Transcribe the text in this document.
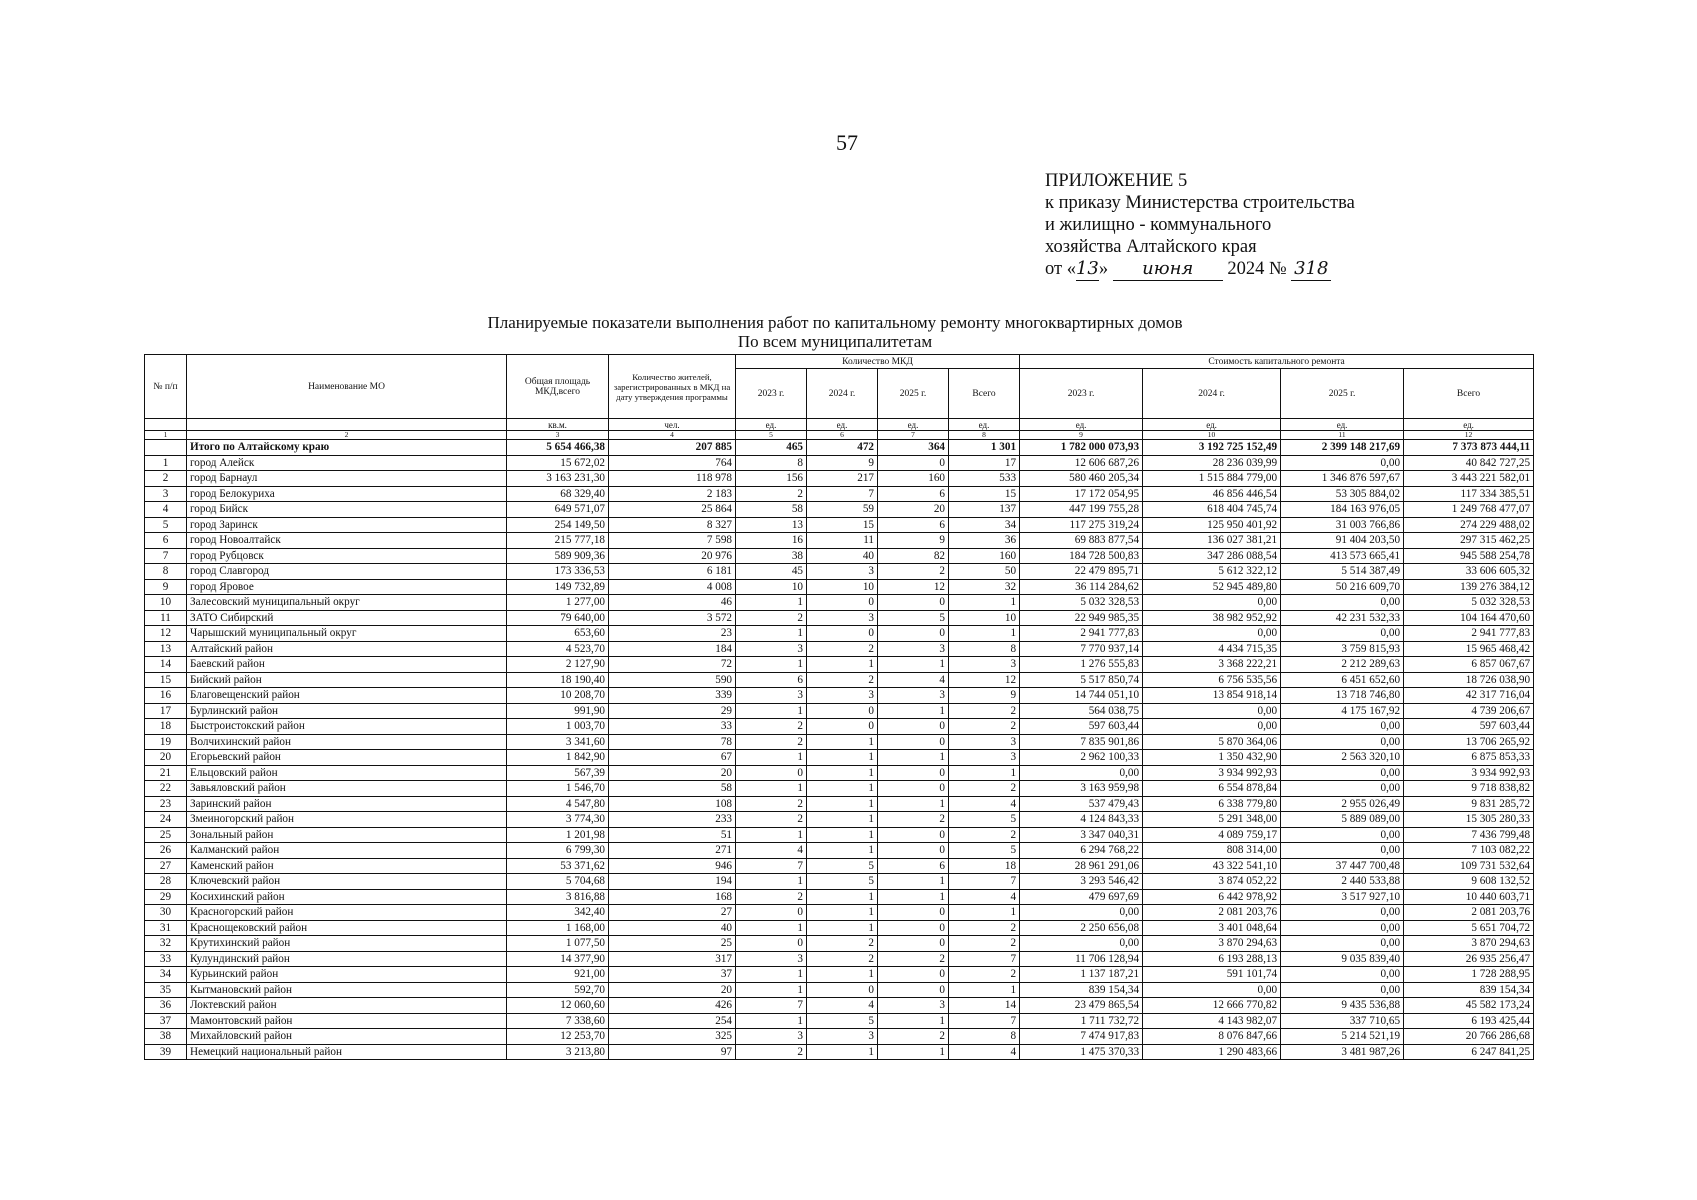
57
ПРИЛОЖЕНИЕ 5
к приказу Министерства строительства
и жилищно - коммунального
хозяйства Алтайского края
от «13» июня 2024 № 318
Планируемые показатели выполнения работ по капитальному ремонту многоквартирных домов
По всем муниципалитетам
№ п/п	Наименование МО	Общая площадь МКД,всего	Количество жителей, зарегистрированных в МКД на дату утверждения программы	Количество МКД				Стоимость капитального ремонта			
				2023 г.	2024 г.	2025 г.	Всего	2023 г.	2024 г.	2025 г.	Всего
		кв.м.	чел.	ед.	ед.	ед.	ед.	ед.	ед.	ед.	ед.
1	2	3	4	5	6	7	8	9	10	11	12
	Итого по Алтайскому краю	5 654 466,38	207 885	465	472	364	1 301	1 782 000 073,93	3 192 725 152,49	2 399 148 217,69	7 373 873 444,11
1	город Алейск	15 672,02	764	8	9	0	17	12 606 687,26	28 236 039,99	0,00	40 842 727,25
2	город Барнаул	3 163 231,30	118 978	156	217	160	533	580 460 205,34	1 515 884 779,00	1 346 876 597,67	3 443 221 582,01
3	город Белокуриха	68 329,40	2 183	2	7	6	15	17 172 054,95	46 856 446,54	53 305 884,02	117 334 385,51
4	город Бийск	649 571,07	25 864	58	59	20	137	447 199 755,28	618 404 745,74	184 163 976,05	1 249 768 477,07
5	город Заринск	254 149,50	8 327	13	15	6	34	117 275 319,24	125 950 401,92	31 003 766,86	274 229 488,02
6	город Новоалтайск	215 777,18	7 598	16	11	9	36	69 883 877,54	136 027 381,21	91 404 203,50	297 315 462,25
7	город Рубцовск	589 909,36	20 976	38	40	82	160	184 728 500,83	347 286 088,54	413 573 665,41	945 588 254,78
8	город Славгород	173 336,53	6 181	45	3	2	50	22 479 895,71	5 612 322,12	5 514 387,49	33 606 605,32
9	город Яровое	149 732,89	4 008	10	10	12	32	36 114 284,62	52 945 489,80	50 216 609,70	139 276 384,12
10	Залесовский муниципальный округ	1 277,00	46	1	0	0	1	5 032 328,53	0,00	0,00	5 032 328,53
11	ЗАТО Сибирский	79 640,00	3 572	2	3	5	10	22 949 985,35	38 982 952,92	42 231 532,33	104 164 470,60
12	Чарышский муниципальный округ	653,60	23	1	0	0	1	2 941 777,83	0,00	0,00	2 941 777,83
13	Алтайский район	4 523,70	184	3	2	3	8	7 770 937,14	4 434 715,35	3 759 815,93	15 965 468,42
14	Баевский район	2 127,90	72	1	1	1	3	1 276 555,83	3 368 222,21	2 212 289,63	6 857 067,67
15	Бийский район	18 190,40	590	6	2	4	12	5 517 850,74	6 756 535,56	6 451 652,60	18 726 038,90
16	Благовещенский район	10 208,70	339	3	3	3	9	14 744 051,10	13 854 918,14	13 718 746,80	42 317 716,04
17	Бурлинский район	991,90	29	1	0	1	2	564 038,75	0,00	4 175 167,92	4 739 206,67
18	Быстроистокский район	1 003,70	33	2	0	0	2	597 603,44	0,00	0,00	597 603,44
19	Волчихинский район	3 341,60	78	2	1	0	3	7 835 901,86	5 870 364,06	0,00	13 706 265,92
20	Егорьевский район	1 842,90	67	1	1	1	3	2 962 100,33	1 350 432,90	2 563 320,10	6 875 853,33
21	Ельцовский район	567,39	20	0	1	0	1	0,00	3 934 992,93	0,00	3 934 992,93
22	Завьяловский район	1 546,70	58	1	1	0	2	3 163 959,98	6 554 878,84	0,00	9 718 838,82
23	Заринский район	4 547,80	108	2	1	1	4	537 479,43	6 338 779,80	2 955 026,49	9 831 285,72
24	Змеиногорский район	3 774,30	233	2	1	2	5	4 124 843,33	5 291 348,00	5 889 089,00	15 305 280,33
25	Зональный район	1 201,98	51	1	1	0	2	3 347 040,31	4 089 759,17	0,00	7 436 799,48
26	Калманский район	6 799,30	271	4	1	0	5	6 294 768,22	808 314,00	0,00	7 103 082,22
27	Каменский район	53 371,62	946	7	5	6	18	28 961 291,06	43 322 541,10	37 447 700,48	109 731 532,64
28	Ключевский район	5 704,68	194	1	5	1	7	3 293 546,42	3 874 052,22	2 440 533,88	9 608 132,52
29	Косихинский район	3 816,88	168	2	1	1	4	479 697,69	6 442 978,92	3 517 927,10	10 440 603,71
30	Красногорский район	342,40	27	0	1	0	1	0,00	2 081 203,76	0,00	2 081 203,76
31	Краснощековский район	1 168,00	40	1	1	0	2	2 250 656,08	3 401 048,64	0,00	5 651 704,72
32	Крутихинский район	1 077,50	25	0	2	0	2	0,00	3 870 294,63	0,00	3 870 294,63
33	Кулундинский район	14 377,90	317	3	2	2	7	11 706 128,94	6 193 288,13	9 035 839,40	26 935 256,47
34	Курьинский район	921,00	37	1	1	0	2	1 137 187,21	591 101,74	0,00	1 728 288,95
35	Кытмановский район	592,70	20	1	0	0	1	839 154,34	0,00	0,00	839 154,34
36	Локтевский район	12 060,60	426	7	4	3	14	23 479 865,54	12 666 770,82	9 435 536,88	45 582 173,24
37	Мамонтовский район	7 338,60	254	1	5	1	7	1 711 732,72	4 143 982,07	337 710,65	6 193 425,44
38	Михайловский район	12 253,70	325	3	3	2	8	7 474 917,83	8 076 847,66	5 214 521,19	20 766 286,68
39	Немецкий национальный район	3 213,80	97	2	1	1	4	1 475 370,33	1 290 483,66	3 481 987,26	6 247 841,25
